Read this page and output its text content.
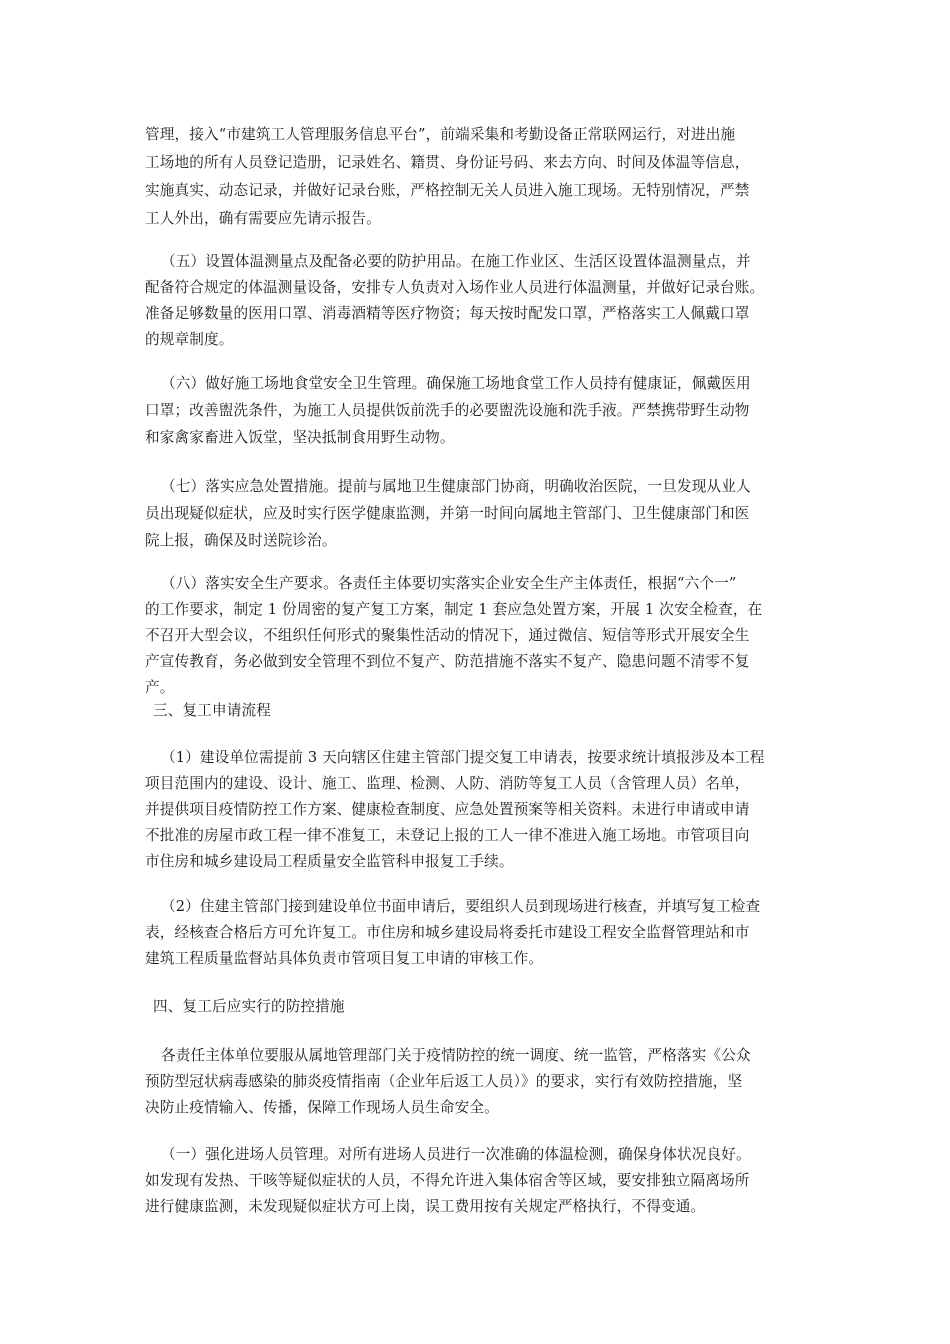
管理，接入“市建筑工人管理服务信息平台”，前端采集和考勤设备正常联网运行，对进出施
工场地的所有人员登记造册，记录姓名、籍贯、身份证号码、来去方向、时间及体温等信息，
实施真实、动态记录，并做好记录台账，严格控制无关人员进入施工现场。无特别情况，严禁
工人外出，确有需要应先请示报告。
（五）设置体温测量点及配备必要的防护用品。在施工作业区、生活区设置体温测量点，并
配备符合规定的体温测量设备，安排专人负责对入场作业人员进行体温测量，并做好记录台账。
准备足够数量的医用口罩、消毒酒精等医疗物资；每天按时配发口罩，严格落实工人佩戴口罩
的规章制度。
（六）做好施工场地食堂安全卫生管理。确保施工场地食堂工作人员持有健康证，佩戴医用
口罩；改善盥洗条件，为施工人员提供饭前洗手的必要盥洗设施和洗手液。严禁携带野生动物
和家禽家畜进入饭堂，坚决抵制食用野生动物。
（七）落实应急处置措施。提前与属地卫生健康部门协商，明确收治医院，一旦发现从业人
员出现疑似症状，应及时实行医学健康监测，并第一时间向属地主管部门、卫生健康部门和医
院上报，确保及时送院诊治。
（八）落实安全生产要求。各责任主体要切实落实企业安全生产主体责任，根据“六个一”
的工作要求，制定 1 份周密的复产复工方案，制定 1 套应急处置方案，开展 1 次安全检查，在
不召开大型会议，不组织任何形式的聚集性活动的情况下，通过微信、短信等形式开展安全生
产宣传教育，务必做到安全管理不到位不复产、防范措施不落实不复产、隐患问题不清零不复
产。
三、复工申请流程
（1）建设单位需提前 3 天向辖区住建主管部门提交复工申请表，按要求统计填报涉及本工程
项目范围内的建设、设计、施工、监理、检测、人防、消防等复工人员（含管理人员）名单，
并提供项目疫情防控工作方案、健康检查制度、应急处置预案等相关资料。未进行申请或申请
不批准的房屋市政工程一律不准复工，未登记上报的工人一律不准进入施工场地。市管项目向
市住房和城乡建设局工程质量安全监管科申报复工手续。
（2）住建主管部门接到建设单位书面申请后，要组织人员到现场进行核查，并填写复工检查
表，经核查合格后方可允许复工。市住房和城乡建设局将委托市建设工程安全监督管理站和市
建筑工程质量监督站具体负责市管项目复工申请的审核工作。
四、复工后应实行的防控措施
各责任主体单位要服从属地管理部门关于疫情防控的统一调度、统一监管，严格落实《公众
预防型冠状病毒感染的肺炎疫情指南（企业年后返工人员）》的要求，实行有效防控措施，坚
决防止疫情输入、传播，保障工作现场人员生命安全。
（一）强化进场人员管理。对所有进场人员进行一次准确的体温检测，确保身体状况良好。
如发现有发热、干咳等疑似症状的人员，不得允许进入集体宿舍等区域，要安排独立隔离场所
进行健康监测，未发现疑似症状方可上岗，误工费用按有关规定严格执行，不得变通。
